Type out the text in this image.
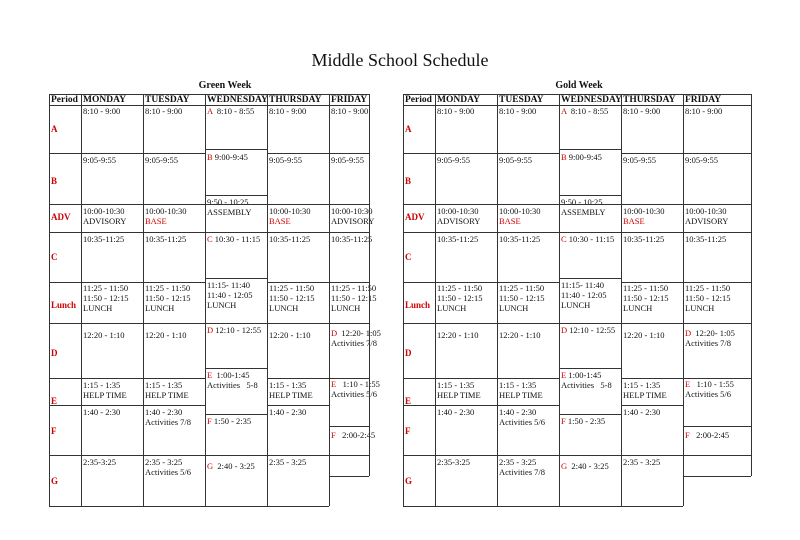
Middle School Schedule
Green Week
Period MONDAY TUESDAY WEDNESDAY THURSDAY FRIDAY
A
B
ADV
C
Lunch
D
E
F
G
8:10 - 9:00
9:05-9:55
10:00-10:30
ADVISORY
10:35-11:25
11:25 - 11:50
11:50 - 12:15
LUNCH
12:20 - 1:10
1:15 - 1:35
HELP TIME
1:40 - 2:30
2:35-3:25
8:10 - 9:00
9:05-9:55
10:00-10:30
BASE
10:35-11:25
11:25 - 11:50
11:50 - 12:15
LUNCH
12:20 - 1:10
1:15 - 1:35
HELP TIME
1:40 - 2:30
Activities 7/8
2:35 - 3:25
Activities 5/6
A 8:10 - 8:55
B 9:00-9:45
9:50 - 10:25
ASSEMBLY
C 10:30 - 11:15
11:15- 11:40
11:40 - 12:05
LUNCH
D 12:10 - 12:55
E 1:00-1:45
Activities   5-8
F 1:50 - 2:35
G 2:40 - 3:25
8:10 - 9:00
9:05-9:55
10:00-10:30
BASE
10:35-11:25
11:25 - 11:50
11:50 - 12:15
LUNCH
12:20 - 1:10
1:15 - 1:35
HELP TIME
1:40 - 2:30
2:35 - 3:25
8:10 - 9:00
9:05-9:55
10:00-10:30
ADVISORY
10:35-11:25
11:25 - 11:50
11:50 - 12:15
LUNCH
D 12:20- 1:05
Activities 7/8
E 1:10 - 1:55
Activities 5/6
F 2:00-2:45
Gold Week
Period MONDAY TUESDAY WEDNESDAY THURSDAY FRIDAY
A
B
ADV
C
Lunch
D
E
F
G
8:10 - 9:00
9:05-9:55
10:00-10:30
ADVISORY
10:35-11:25
11:25 - 11:50
11:50 - 12:15
LUNCH
12:20 - 1:10
1:15 - 1:35
HELP TIME
1:40 - 2:30
2:35-3:25
8:10 - 9:00
9:05-9:55
10:00-10:30
BASE
10:35-11:25
11:25 - 11:50
11:50 - 12:15
LUNCH
12:20 - 1:10
1:15 - 1:35
HELP TIME
1:40 - 2:30
Activities 5/6
2:35 - 3:25
Activities 7/8
A 8:10 - 8:55
B 9:00-9:45
9:50 - 10:25
ASSEMBLY
C 10:30 - 11:15
11:15- 11:40
11:40 - 12:05
LUNCH
D 12:10 - 12:55
E 1:00-1:45
Activities   5-8
F 1:50 - 2:35
G 2:40 - 3:25
8:10 - 9:00
9:05-9:55
10:00-10:30
BASE
10:35-11:25
11:25 - 11:50
11:50 - 12:15
LUNCH
12:20 - 1:10
1:15 - 1:35
HELP TIME
1:40 - 2:30
2:35 - 3:25
8:10 - 9:00
9:05-9:55
10:00-10:30
ADVISORY
10:35-11:25
11:25 - 11:50
11:50 - 12:15
LUNCH
D 12:20- 1:05
Activities 7/8
E 1:10 - 1:55
Activities 5/6
F 2:00-2:45
